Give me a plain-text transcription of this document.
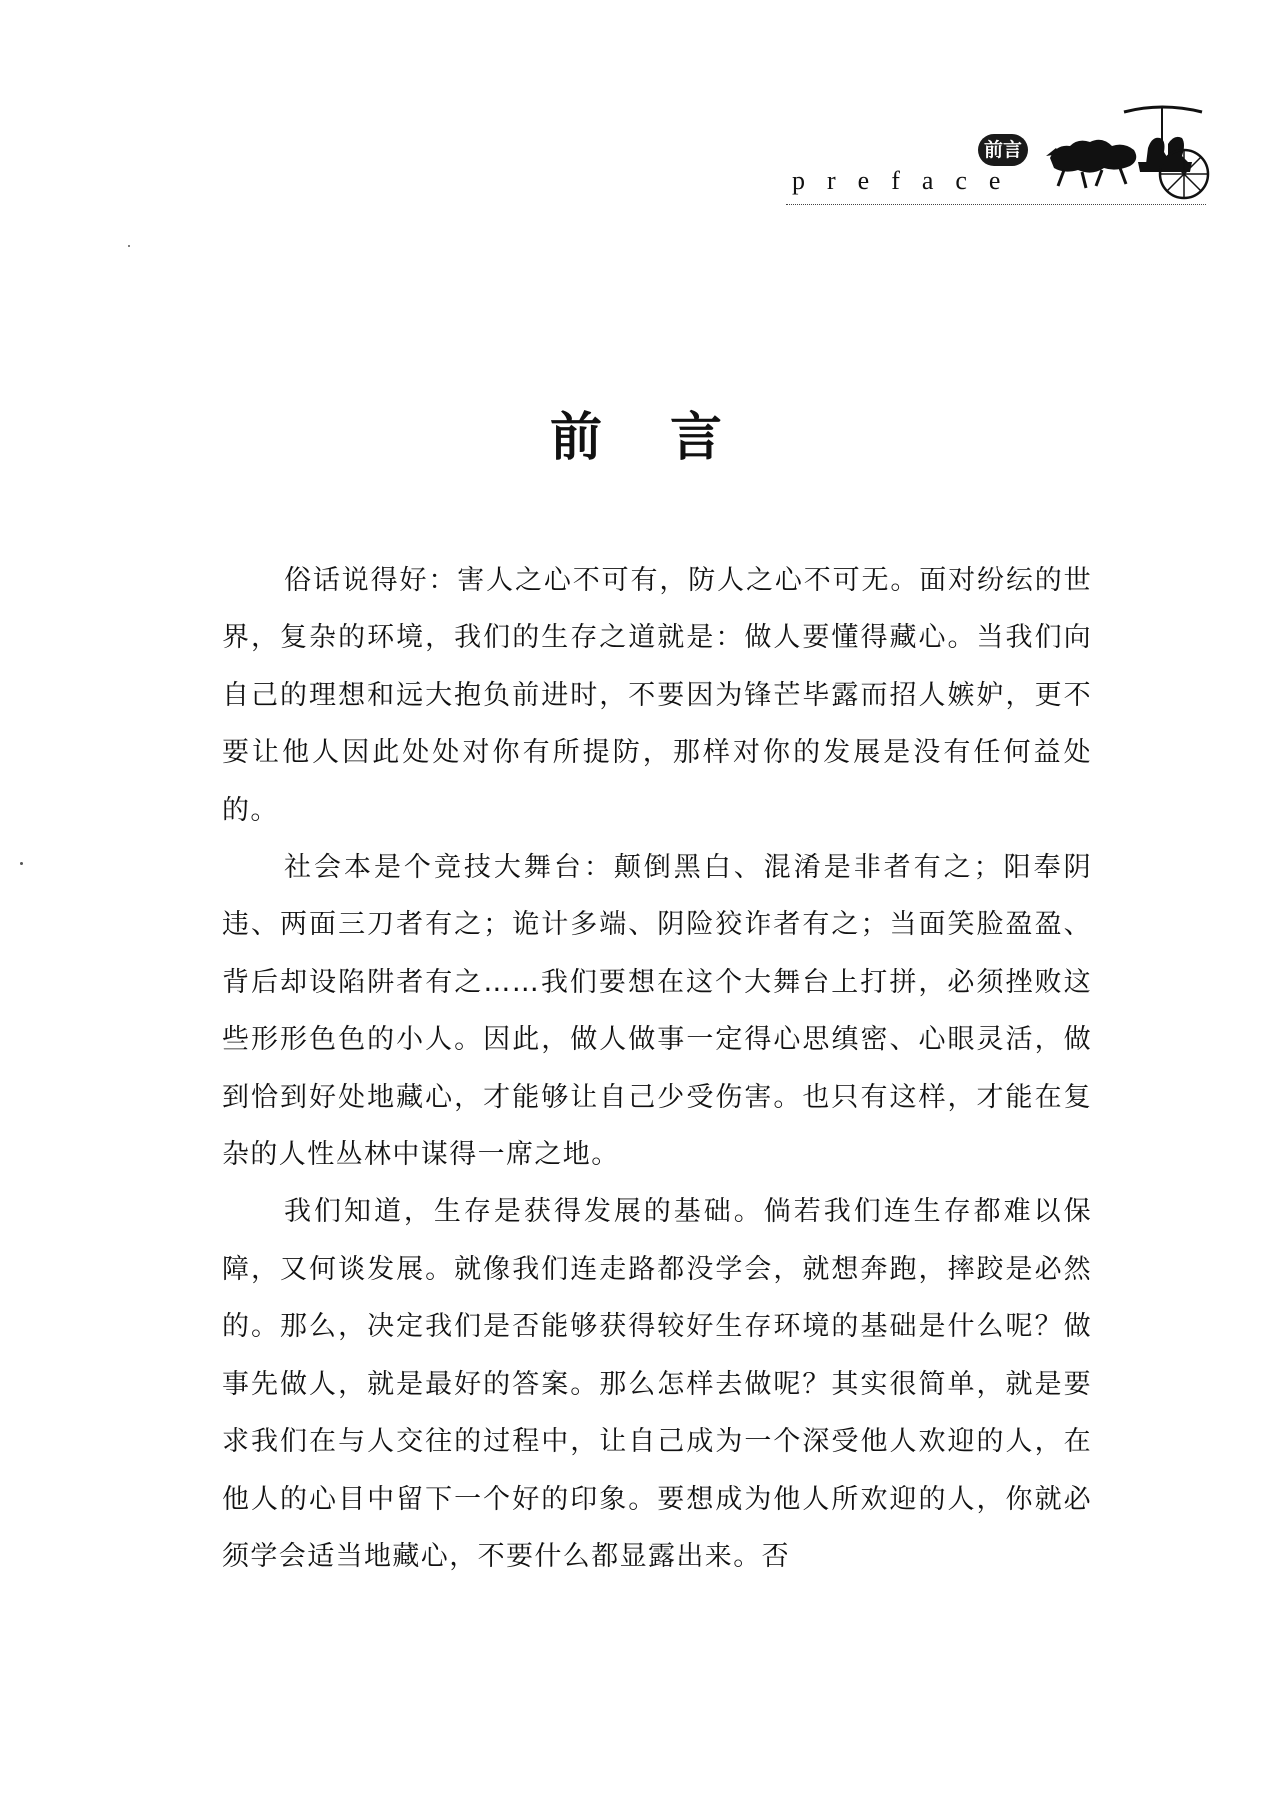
前言
preface
前言

俗话说得好：害人之心不可有，防人之心不可无。面对纷纭的世界，复杂的环境，我们的生存之道就是：做人要懂得藏心。当我们向自己的理想和远大抱负前进时，不要因为锋芒毕露而招人嫉妒，更不要让他人因此处处对你有所提防，那样对你的发展是没有任何益处的。

社会本是个竞技大舞台：颠倒黑白、混淆是非者有之；阳奉阴违、两面三刀者有之；诡计多端、阴险狡诈者有之；当面笑脸盈盈、背后却设陷阱者有之……我们要想在这个大舞台上打拼，必须挫败这些形形色色的小人。因此，做人做事一定得心思缜密、心眼灵活，做到恰到好处地藏心，才能够让自己少受伤害。也只有这样，才能在复杂的人性丛林中谋得一席之地。

我们知道，生存是获得发展的基础。倘若我们连生存都难以保障，又何谈发展。就像我们连走路都没学会，就想奔跑，摔跤是必然的。那么，决定我们是否能够获得较好生存环境的基础是什么呢？做事先做人，就是最好的答案。那么怎样去做呢？其实很简单，就是要求我们在与人交往的过程中，让自己成为一个深受他人欢迎的人，在他人的心目中留下一个好的印象。要想成为他人所欢迎的人，你就必须学会适当地藏心，不要什么都显露出来。否
